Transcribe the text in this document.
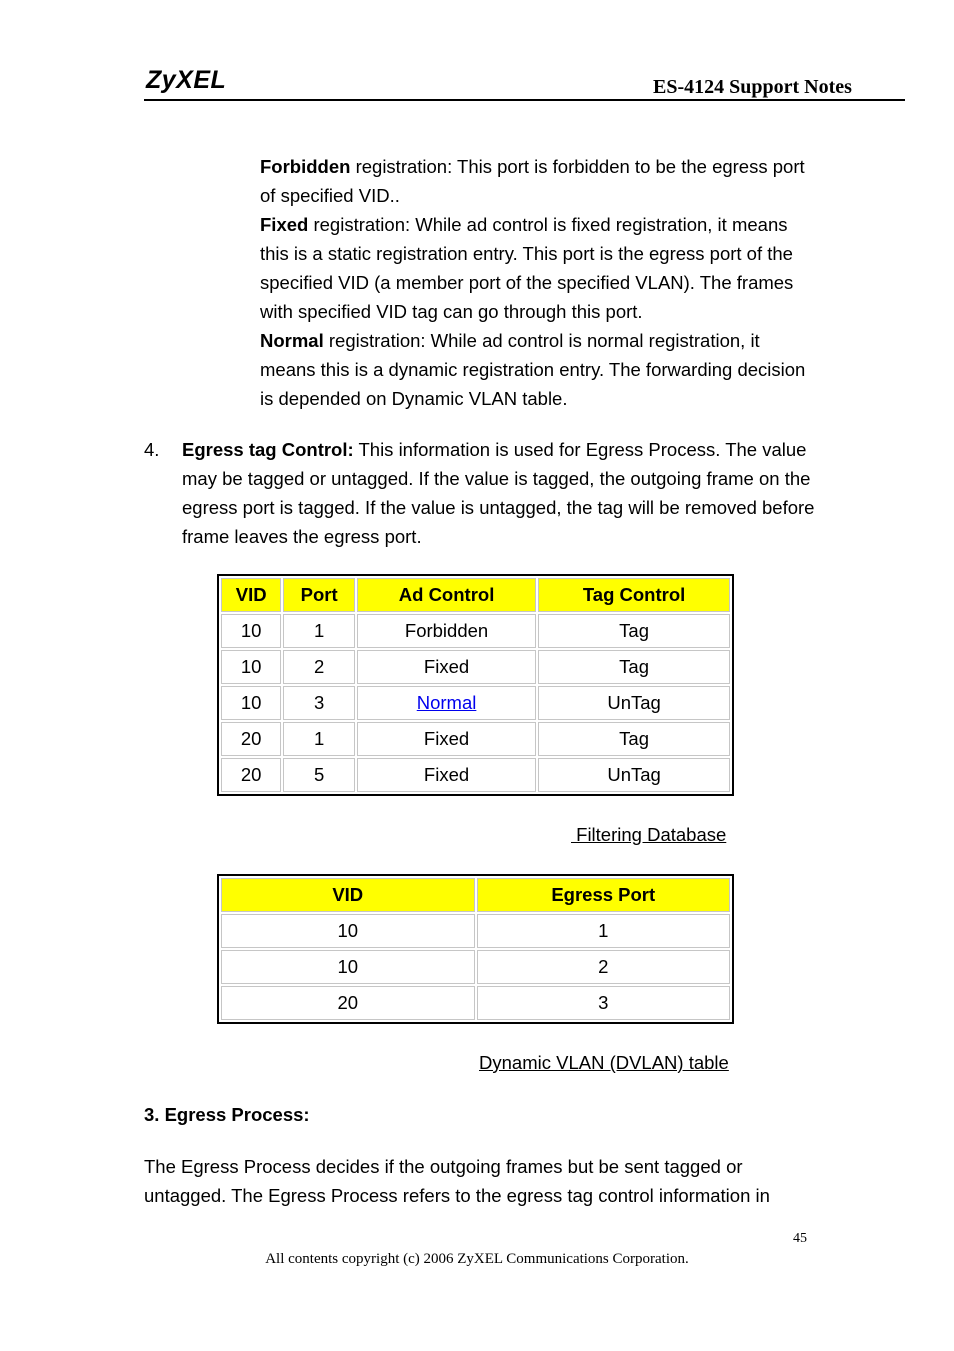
ZyXEL	ES-4124 Support Notes

Forbidden registration: This port is forbidden to be the egress port of specified VID..

Fixed registration: While ad control is fixed registration, it means this is a static registration entry. This port is the egress port of the specified VID (a member port of the specified VLAN). The frames with specified VID tag can go through this port.

Normal registration: While ad control is normal registration, it means this is a dynamic registration entry. The forwarding decision is depended on Dynamic VLAN table.

4. Egress tag Control: This information is used for Egress Process. The value may be tagged or untagged. If the value is tagged, the outgoing frame on the egress port is tagged. If the value is untagged, the tag will be removed before frame leaves the egress port.
VID	Port	Ad Control	Tag Control
10	1	Forbidden	Tag
10	2	Fixed	Tag
10	3	Normal	UnTag
20	1	Fixed	Tag
20	5	Fixed	UnTag
Filtering Database
VID	Egress Port
10	1
10	2
20	3
Dynamic VLAN (DVLAN) table
3. Egress Process:
The Egress Process decides if the outgoing frames but be sent tagged or untagged. The Egress Process refers to the egress tag control information in
45
All contents copyright (c) 2006 ZyXEL Communications Corporation.
